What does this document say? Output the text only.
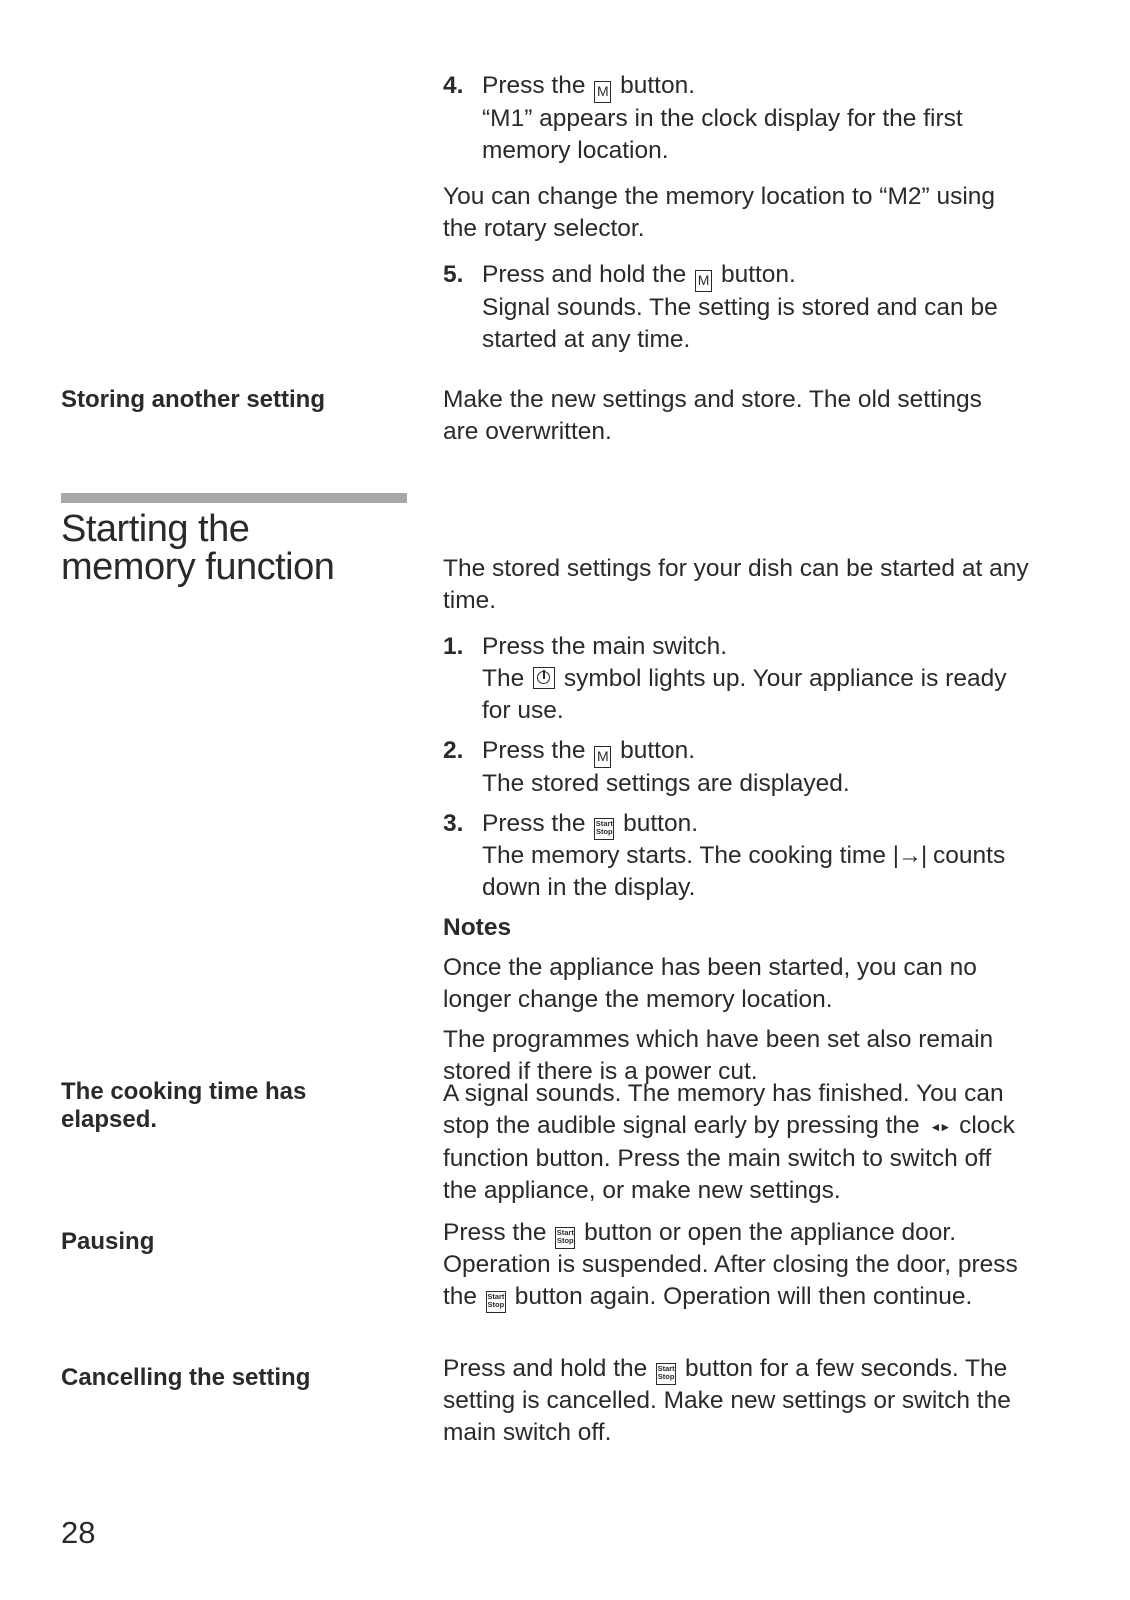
4. Press the M button.
“M1” appears in the clock display for the first
memory location.
You can change the memory location to “M2” using
the rotary selector.
5. Press and hold the M button.
Signal sounds. The setting is stored and can be
started at any time.
Storing another setting	Make the new settings and store. The old settings
are overwritten.
Starting the
memory function	The stored settings for your dish can be started at any
time.
1. Press the main switch.
The symbol lights up. Your appliance is ready
for use.
2. Press the M button.
The stored settings are displayed.
3. Press the Start
Stop button.
The memory starts. The cooking time |→| counts
down in the display.
Notes
Once the appliance has been started, you can no
longer change the memory location.
The programmes which have been set also remain
stored if there is a power cut.
The cooking time has
elapsed.
A signal sounds. The memory has finished. You can
stop the audible signal early by pressing the ◄► clock
function button. Press the main switch to switch off
the appliance, or make new settings.
Pausing	Press the Start
Stop button or open the appliance door.
Operation is suspended. After closing the door, press
the Start
Stop button again. Operation will then continue.
Cancelling the setting	Press and hold the Start
Stop button for a few seconds. The
setting is cancelled. Make new settings or switch the
main switch off.
28
